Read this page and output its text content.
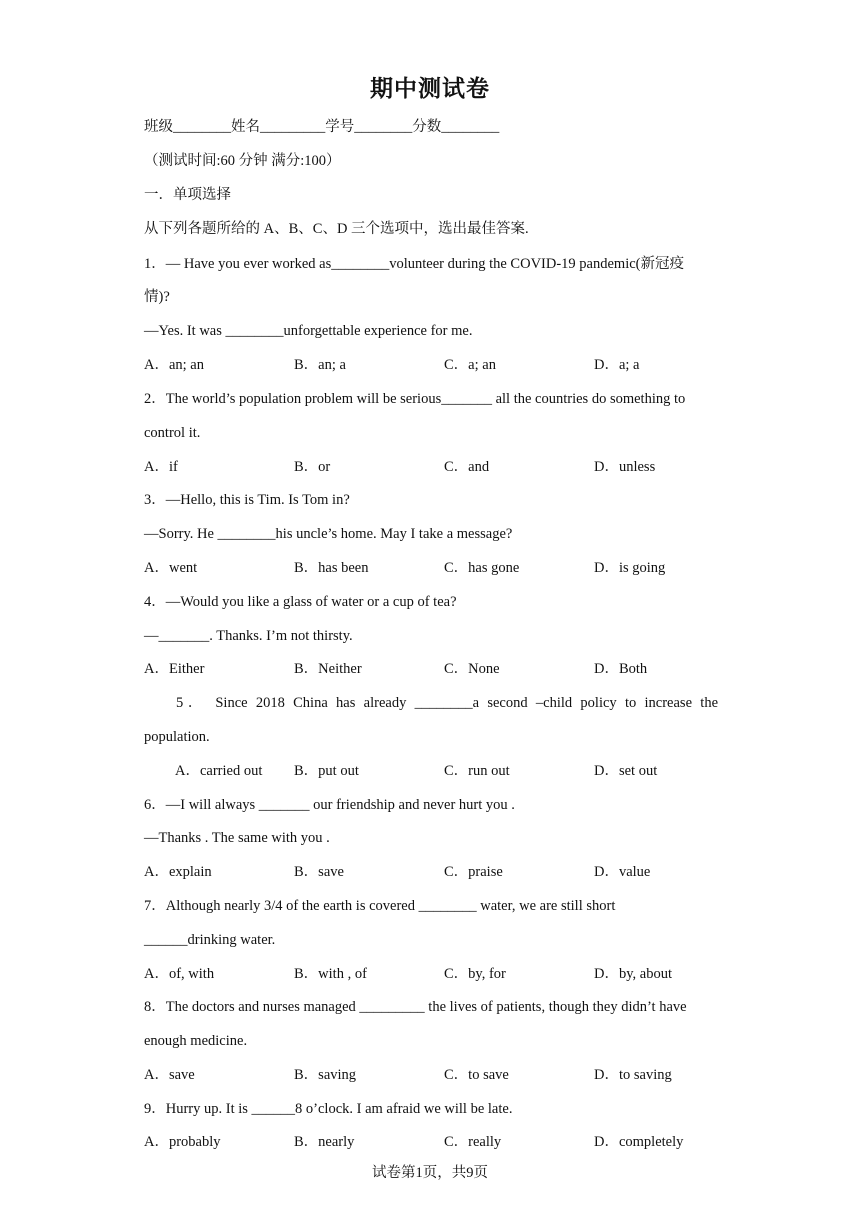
期中测试卷
班级________姓名_________学号________分数________
（测试时间:60 分钟 满分:100）
一．单项选择
从下列各题所给的 A、B、C、D 三个选项中，选出最佳答案.
1．— Have you ever worked as________volunteer during the COVID-19 pandemic(新冠疫
情)?
—Yes. It was ________unforgettable experience for me.
A．an; an	B．an; a	C．a; an	D．a; a
2．The world’s population problem will be serious_______ all the countries do something to
control it.
A．if	B．or	C．and	D．unless
3．—Hello, this is Tim. Is Tom in?
—Sorry. He ________his uncle’s home. May I take a message?
A．went	B．has been	C．has gone	D．is going
4．—Would you like a glass of water or a cup of tea?
—_______. Thanks. I’m not thirsty.
A．Either	B．Neither	C．None	D．Both
5． Since 2018 China has already ________a second –child policy to increase the
population.
A．carried out B．put out	C．run out	D．set out
6．—I will always _______ our friendship and never hurt you .
—Thanks . The same with you .
A．explain	B．save	C．praise	D．value
7．Although nearly 3/4 of the earth is covered ________ water, we are still short
______drinking water.
A．of, with	B．with , of	C．by, for	D．by, about
8．The doctors and nurses managed _________ the lives of patients, though they didn’t have
enough medicine.
A．save	B．saving	C．to save	D．to saving
9．Hurry up. It is ______8 o’clock. I am afraid we will be late.
A．probably	B．nearly	C．really	D．completely
试卷第1页，共9页
